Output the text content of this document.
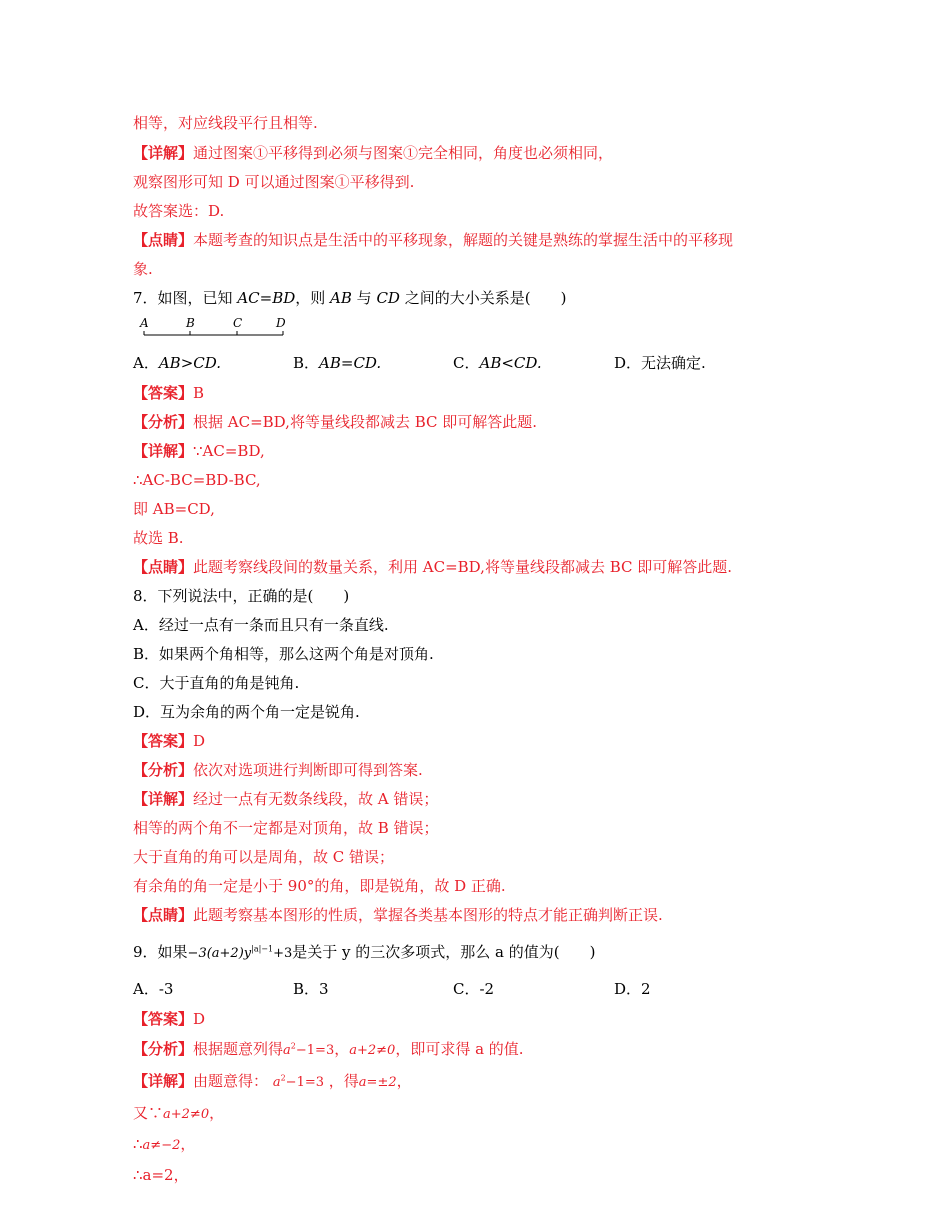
相等，对应线段平行且相等.
【详解】通过图案①平移得到必须与图案①完全相同，角度也必须相同，
观察图形可知 D 可以通过图案①平移得到.
故答案选：D.
【点睛】本题考查的知识点是生活中的平移现象，解题的关键是熟练的掌握生活中的平移现
象.
7．如图，已知 AC=BD，则 AB 与 CD 之间的大小关系是(　　)
A	B	C	D
A．AB>CD.	B．AB=CD.	C．AB<CD.	D．无法确定.
【答案】B
【分析】根据 AC=BD,将等量线段都减去 BC 即可解答此题.
【详解】∵AC=BD,
∴AC-BC=BD-BC,
即 AB=CD,
故选 B.
【点睛】此题考察线段间的数量关系，利用 AC=BD,将等量线段都减去 BC 即可解答此题.
8．下列说法中，正确的是(　　)
A．经过一点有一条而且只有一条直线.
B．如果两个角相等，那么这两个角是对顶角.
C．大于直角的角是钝角.
D．互为余角的两个角一定是锐角.
【答案】D
【分析】依次对选项进行判断即可得到答案.
【详解】经过一点有无数条线段，故 A 错误；
相等的两个角不一定都是对顶角，故 B 错误；
大于直角的角可以是周角，故 C 错误；
有余角的角一定是小于 90°的角，即是锐角，故 D 正确.
【点睛】此题考察基本图形的性质，掌握各类基本图形的特点才能正确判断正误.
9．如果$-3(a+2)y^{|a|-1}+3$是关于 y 的三次多项式，那么 a 的值为(　　)
A．-3	B．3	C．-2	D．2
【答案】D
【分析】根据题意列得$a^2-1=3$，a+2≠0，即可求得 a 的值.
【详解】由题意得： $a^2-1=3$ ，得a=±2，
又∵a+2≠0，
∴a≠−2，
∴a=2，
